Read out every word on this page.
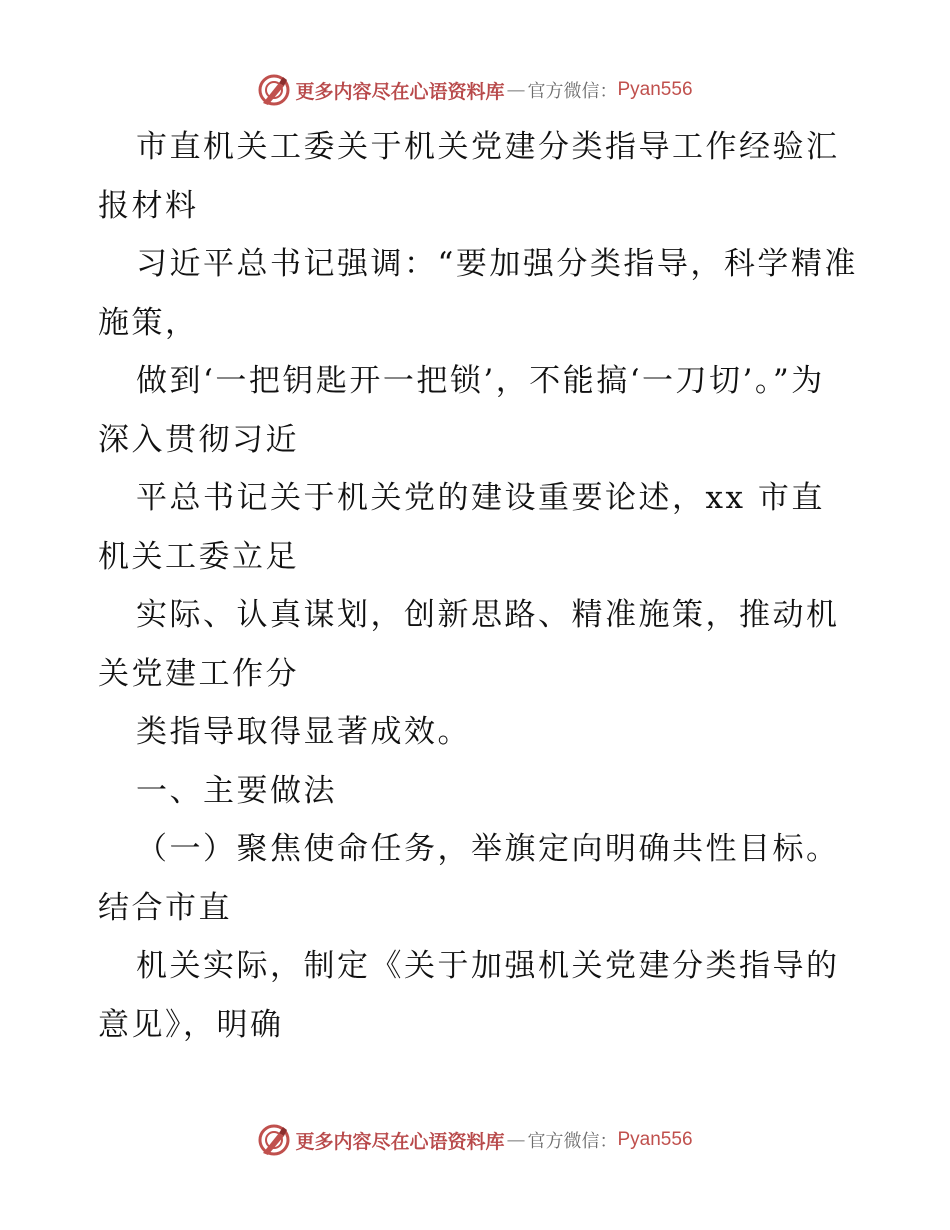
更多内容尽在心语资料库 — 官方微信： Pyan556

市直机关工委关于机关党建分类指导工作经验汇报材料

习近平总书记强调：“要加强分类指导，科学精准施策，

做到‘一把钥匙开一把锁’，不能搞‘一刀切’。”为深入贯彻习近

平总书记关于机关党的建设重要论述，xx 市直机关工委立足

实际、认真谋划，创新思路、精准施策，推动机关党建工作分

类指导取得显著成效。

一、主要做法

（一）聚焦使命任务，举旗定向明确共性目标。结合市直

机关实际，制定《关于加强机关党建分类指导的意见》，明确

更多内容尽在心语资料库 — 官方微信： Pyan556
